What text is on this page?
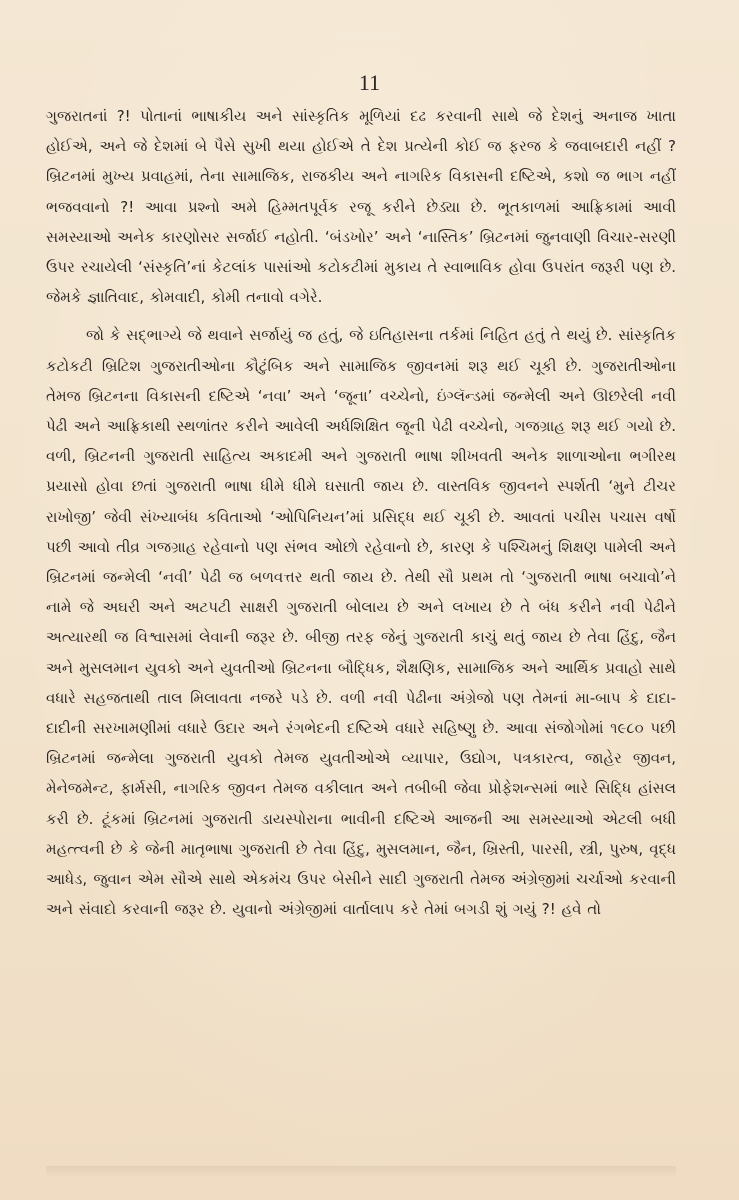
11

ગુજરાતનાં ?! પોતાનાં ભાષાકીય અને સાંસ્કૃતિક મૂળિયાં દઢ કરવાની સાથે જે દેશનું અનાજ ખાતા હોઈએ, અને જે દેશમાં બે પૈસે સુખી થયા હોઈએ તે દેશ પ્રત્યેની કોઈ જ ફરજ કે જવાબદારી નહીં ? બ્રિટનમાં મુખ્ય પ્રવાહમાં, તેના સામાજિક, રાજકીય અને નાગરિક વિકાસની દષ્ટિએ, કશો જ ભાગ નહીં ભજવવાનો ?! આવા પ્રશ્નો અમે હિમ્મતપૂર્વક રજૂ કરીને છેડ્યા છે. ભૂતકાળમાં આફ્રિકામાં આવી સમસ્યાઓ અનેક કારણોસર સર્જાઈ નહોતી. ‘બંડખોર’ અને ‘નાસ્તિક’ બ્રિટનમાં જુનવાણી વિચાર-સરણી ઉપર રચાયેલી ‘સંસ્કૃતિ’નાં કેટલાંક પાસાંઓ કટોકટીમાં મુકાય તે સ્વાભાવિક હોવા ઉપરાંત જરૂરી પણ છે. જેમકે જ્ઞાતિવાદ, કોમવાદી, કોમી તનાવો વગેરે.

જો કે સદ્ભાગ્યે જે થવાને સર્જાયું જ હતું, જે ઇતિહાસના તર્કમાં નિહિત હતું તે થયું છે. સાંસ્કૃતિક કટોકટી બ્રિટિશ ગુજરાતીઓના કૌટુંબિક અને સામાજિક જીવનમાં શરૂ થઈ ચૂકી છે. ગુજરાતીઓના તેમજ બ્રિટનના વિકાસની દષ્ટિએ ‘નવા’ અને ‘જૂના’ વચ્ચેનો, ઇંગ્લૅન્ડમાં જન્મેલી અને ઊછરેલી નવી પેઢી અને આફ્રિકાથી સ્થળાંતર કરીને આવેલી અર્ધશિક્ષિત જૂની પેઢી વચ્ચેનો, ગજગ્રાહ શરૂ થઈ ગયો છે. વળી, બ્રિટનની ગુજરાતી સાહિત્ય અકાદમી અને ગુજરાતી ભાષા શીખવતી અનેક શાળાઓના ભગીરથ પ્રયાસો હોવા છતાં ગુજરાતી ભાષા ધીમે ધીમે ઘસાતી જાય છે. વાસ્તવિક જીવનને સ્પર્શતી ‘મુને ટીચર રાખોજી’ જેવી સંખ્યાબંધ કવિતાઓ ‘ઓપિનિયન’માં પ્રસિદ્ધ થઈ ચૂકી છે. આવતાં પચીસ પચાસ વર્ષો પછી આવો તીવ્ર ગજગ્રાહ રહેવાનો પણ સંભવ ઓછો રહેવાનો છે, કારણ કે પશ્ચિમનું શિક્ષણ પામેલી અને બ્રિટનમાં જન્મેલી ‘નવી’ પેઢી જ બળવત્તર થતી જાય છે. તેથી સૌ પ્રથમ તો ‘ગુજરાતી ભાષા બચાવો’ને નામે જે અઘરી અને અટપટી સાક્ષરી ગુજરાતી બોલાય છે અને લખાય છે તે બંધ કરીને નવી પેઢીને અત્યારથી જ વિશ્વાસમાં લેવાની જરૂર છે. બીજી તરફ જેનું ગુજરાતી કાચું થતું જાય છે તેવા હિંદુ, જૈન અને મુસલમાન યુવકો અને યુવતીઓ બ્રિટનના બૌદ્ધિક, શૈક્ષણિક, સામાજિક અને આર્થિક પ્રવાહો સાથે વધારે સહજતાથી તાલ મિલાવતા નજરે પડે છે. વળી નવી પેઢીના અંગ્રેજો પણ તેમનાં મા-બાપ કે દાદા-દાદીની સરખામણીમાં વધારે ઉદાર અને રંગભેદની દષ્ટિએ વધારે સહિષ્ણુ છે. આવા સંજોગોમાં ૧૯૮૦ પછી બ્રિટનમાં જન્મેલા ગુજરાતી યુવકો તેમજ યુવતીઓએ વ્યાપાર, ઉદ્યોગ, પત્રકારત્વ, જાહેર જીવન, મેનેજમેન્ટ, ફાર્મસી, નાગરિક જીવન તેમજ વકીલાત અને તબીબી જેવા પ્રોફેશન્સમાં ભારે સિદ્ધિ હાંસલ કરી છે. ટૂંકમાં બ્રિટનમાં ગુજરાતી ડાયસ્પોરાના ભાવીની દષ્ટિએ આજની આ સમસ્યાઓ એટલી બધી મહત્ત્વની છે કે જેની માતૃભાષા ગુજરાતી છે તેવા હિંદુ, મુસલમાન, જૈન, ખ્રિસ્તી, પારસી, સ્ત્રી, પુરુષ, વૃદ્ધ આધેડ, જુવાન એમ સૌએ સાથે એકમંચ ઉપર બેસીને સાદી ગુજરાતી તેમજ અંગ્રેજીમાં ચર્ચાઓ કરવાની અને સંવાદો કરવાની જરૂર છે. યુવાનો અંગ્રેજીમાં વાર્તાલાપ કરે તેમાં બગડી શું ગયું ?! હવે તો
